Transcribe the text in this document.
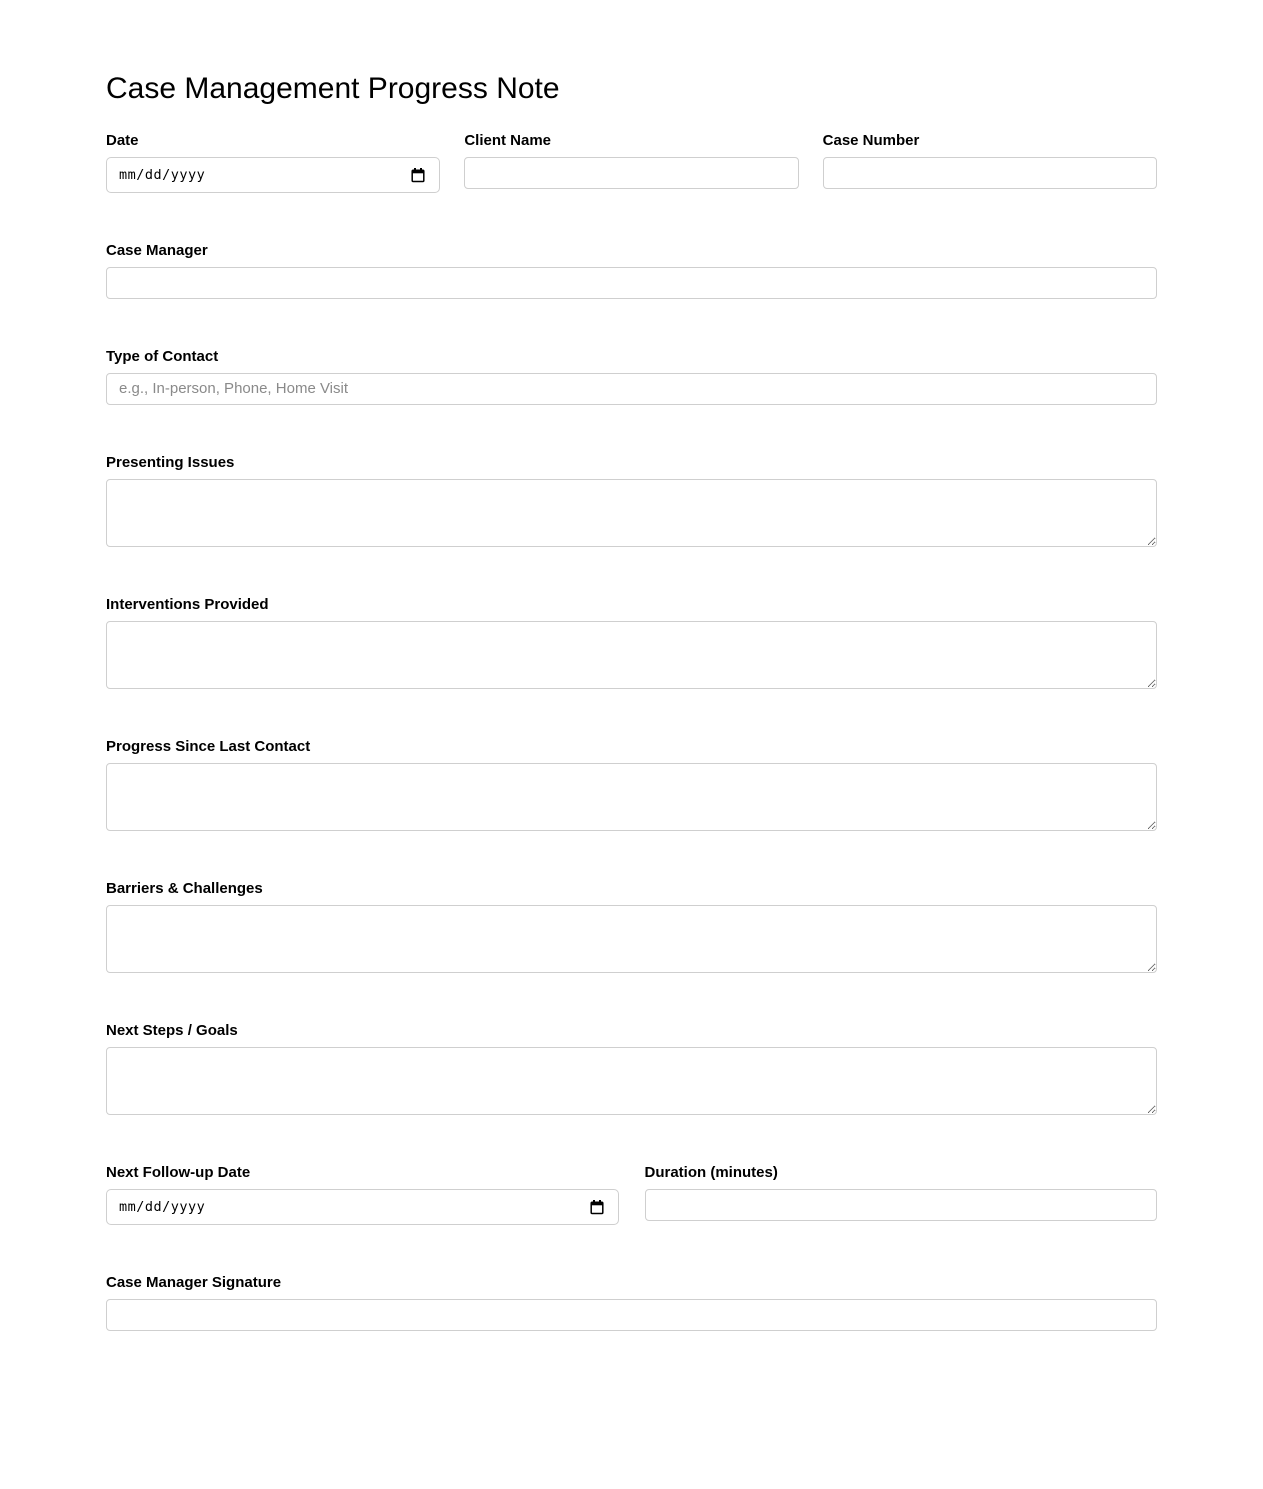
Case Management Progress Note
Date
mm/dd/yyyy
Client Name	Case Number
Case Manager
Type of Contact
e.g., In-person, Phone, Home Visit
Presenting Issues
Interventions Provided
Progress Since Last Contact
Barriers & Challenges
Next Steps / Goals
Next Follow-up Date
mm/dd/yyyy
Duration (minutes)
Case Manager Signature
